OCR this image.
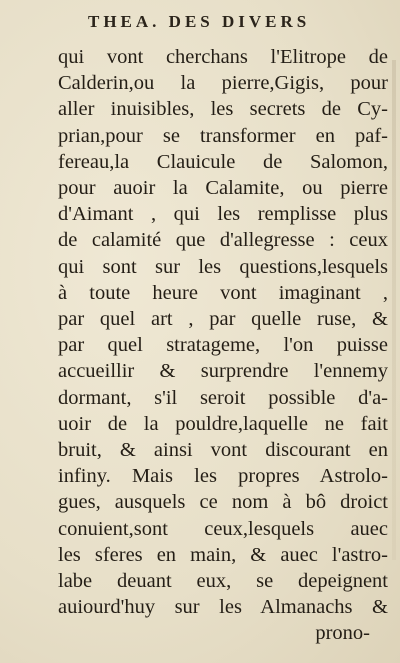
THEA. DES DIVERS
qui vont cherchans l'Elitrope de
Calderin,ou la pierre,Gigis, pour
aller inuisibles, les secrets de Cy-
prian,pour se transformer en paf-
fereau,la Clauicule de Salomon,
pour auoir la Calamite, ou pierre
d'Aimant , qui les remplisse plus
de calamité que d'allegresse : ceux
qui sont sur les questions,lesquels
à toute heure vont imaginant ,
par quel art , par quelle ruse, &
par quel stratageme, l'on puisse
accueillir & surprendre l'ennemy
dormant, s'il seroit possible d'a-
uoir de la pouldre,laquelle ne fait
bruit, & ainsi vont discourant en
infiny. Mais les propres Astrolo-
gues, ausquels ce nom à bô droict
conuient,sont ceux,lesquels auec
les sferes en main, & auec l'astro-
labe deuant eux, se depeignent
auiourd'huy sur les Almanachs &
prono-
